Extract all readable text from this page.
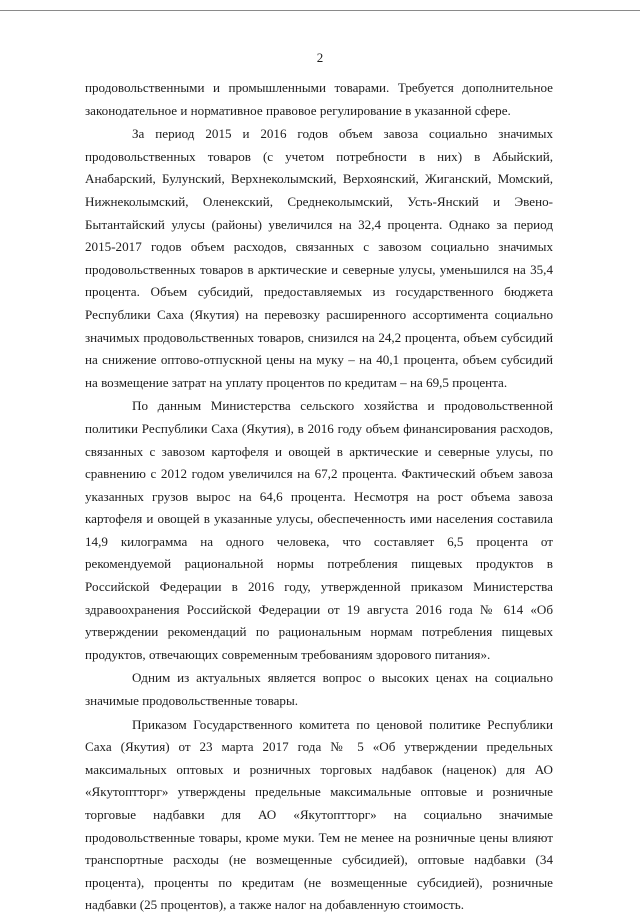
2

продовольственными и промышленными товарами. Требуется дополнительное законодательное и нормативное правовое регулирование в указанной сфере.

За период 2015 и 2016 годов объем завоза социально значимых продовольственных товаров (с учетом потребности в них) в Абыйский, Анабарский, Булунский, Верхнеколымский, Верхоянский, Жиганский, Момский, Нижнеколымский, Оленекский, Среднеколымский, Усть-Янский и Эвено-Бытантайский улусы (районы) увеличился на 32,4 процента. Однако за период 2015-2017 годов объем расходов, связанных с завозом социально значимых продовольственных товаров в арктические и северные улусы, уменьшился на 35,4 процента. Объем субсидий, предоставляемых из государственного бюджета Республики Саха (Якутия) на перевозку расширенного ассортимента социально значимых продовольственных товаров, снизился на 24,2 процента, объем субсидий на снижение оптово-отпускной цены на муку – на 40,1 процента, объем субсидий на возмещение затрат на уплату процентов по кредитам – на 69,5 процента.

По данным Министерства сельского хозяйства и продовольственной политики Республики Саха (Якутия), в 2016 году объем финансирования расходов, связанных с завозом картофеля и овощей в арктические и северные улусы, по сравнению с 2012 годом увеличился на 67,2 процента. Фактический объем завоза указанных грузов вырос на 64,6 процента. Несмотря на рост объема завоза картофеля и овощей в указанные улусы, обеспеченность ими населения составила 14,9 килограмма на одного человека, что составляет 6,5 процента от рекомендуемой рациональной нормы потребления пищевых продуктов в Российской Федерации в 2016 году, утвержденной приказом Министерства здравоохранения Российской Федерации от 19 августа 2016 года № 614 «Об утверждении рекомендаций по рациональным нормам потребления пищевых продуктов, отвечающих современным требованиям здорового питания».

Одним из актуальных является вопрос о высоких ценах на социально значимые продовольственные товары.

Приказом Государственного комитета по ценовой политике Республики Саха (Якутия) от 23 марта 2017 года № 5 «Об утверждении предельных максимальных оптовых и розничных торговых надбавок (наценок) для АО «Якутоптторг» утверждены предельные максимальные оптовые и розничные торговые надбавки для АО «Якутоптторг» на социально значимые продовольственные товары, кроме муки. Тем не менее на розничные цены влияют транспортные расходы (не возмещенные субсидией), оптовые надбавки (34 процента), проценты по кредитам (не возмещенные субсидией), розничные надбавки (25 процентов), а также налог на добавленную стоимость.
